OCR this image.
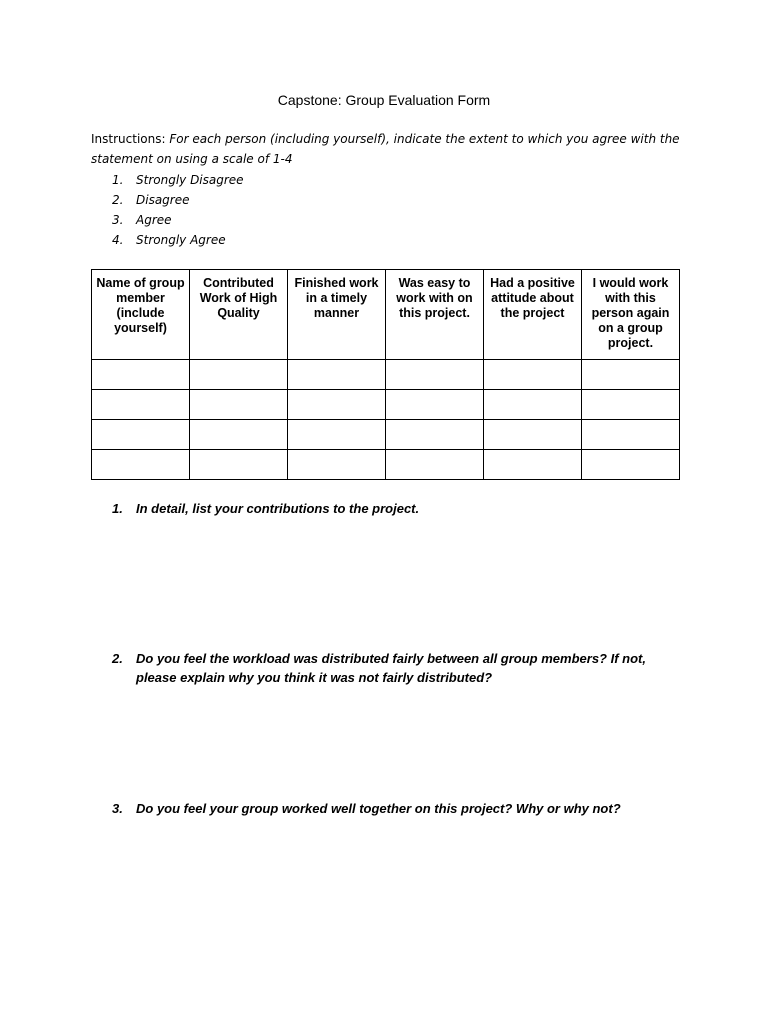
Capstone: Group Evaluation Form
Instructions: For each person (including yourself), indicate the extent to which you agree with the statement on using a scale of 1-4
1.	Strongly Disagree
2.	Disagree
3.	Agree
4.	Strongly Agree
Name of group member (include yourself)	Contributed Work of High Quality	Finished work in a timely manner	Was easy to work with on this project.	Had a positive attitude about the project	I would work with this person again on a group project.

1.	In detail, list your contributions to the project.
2.	Do you feel the workload was distributed fairly between all group members? If not, please explain why you think it was not fairly distributed?
3.	Do you feel your group worked well together on this project? Why or why not?
